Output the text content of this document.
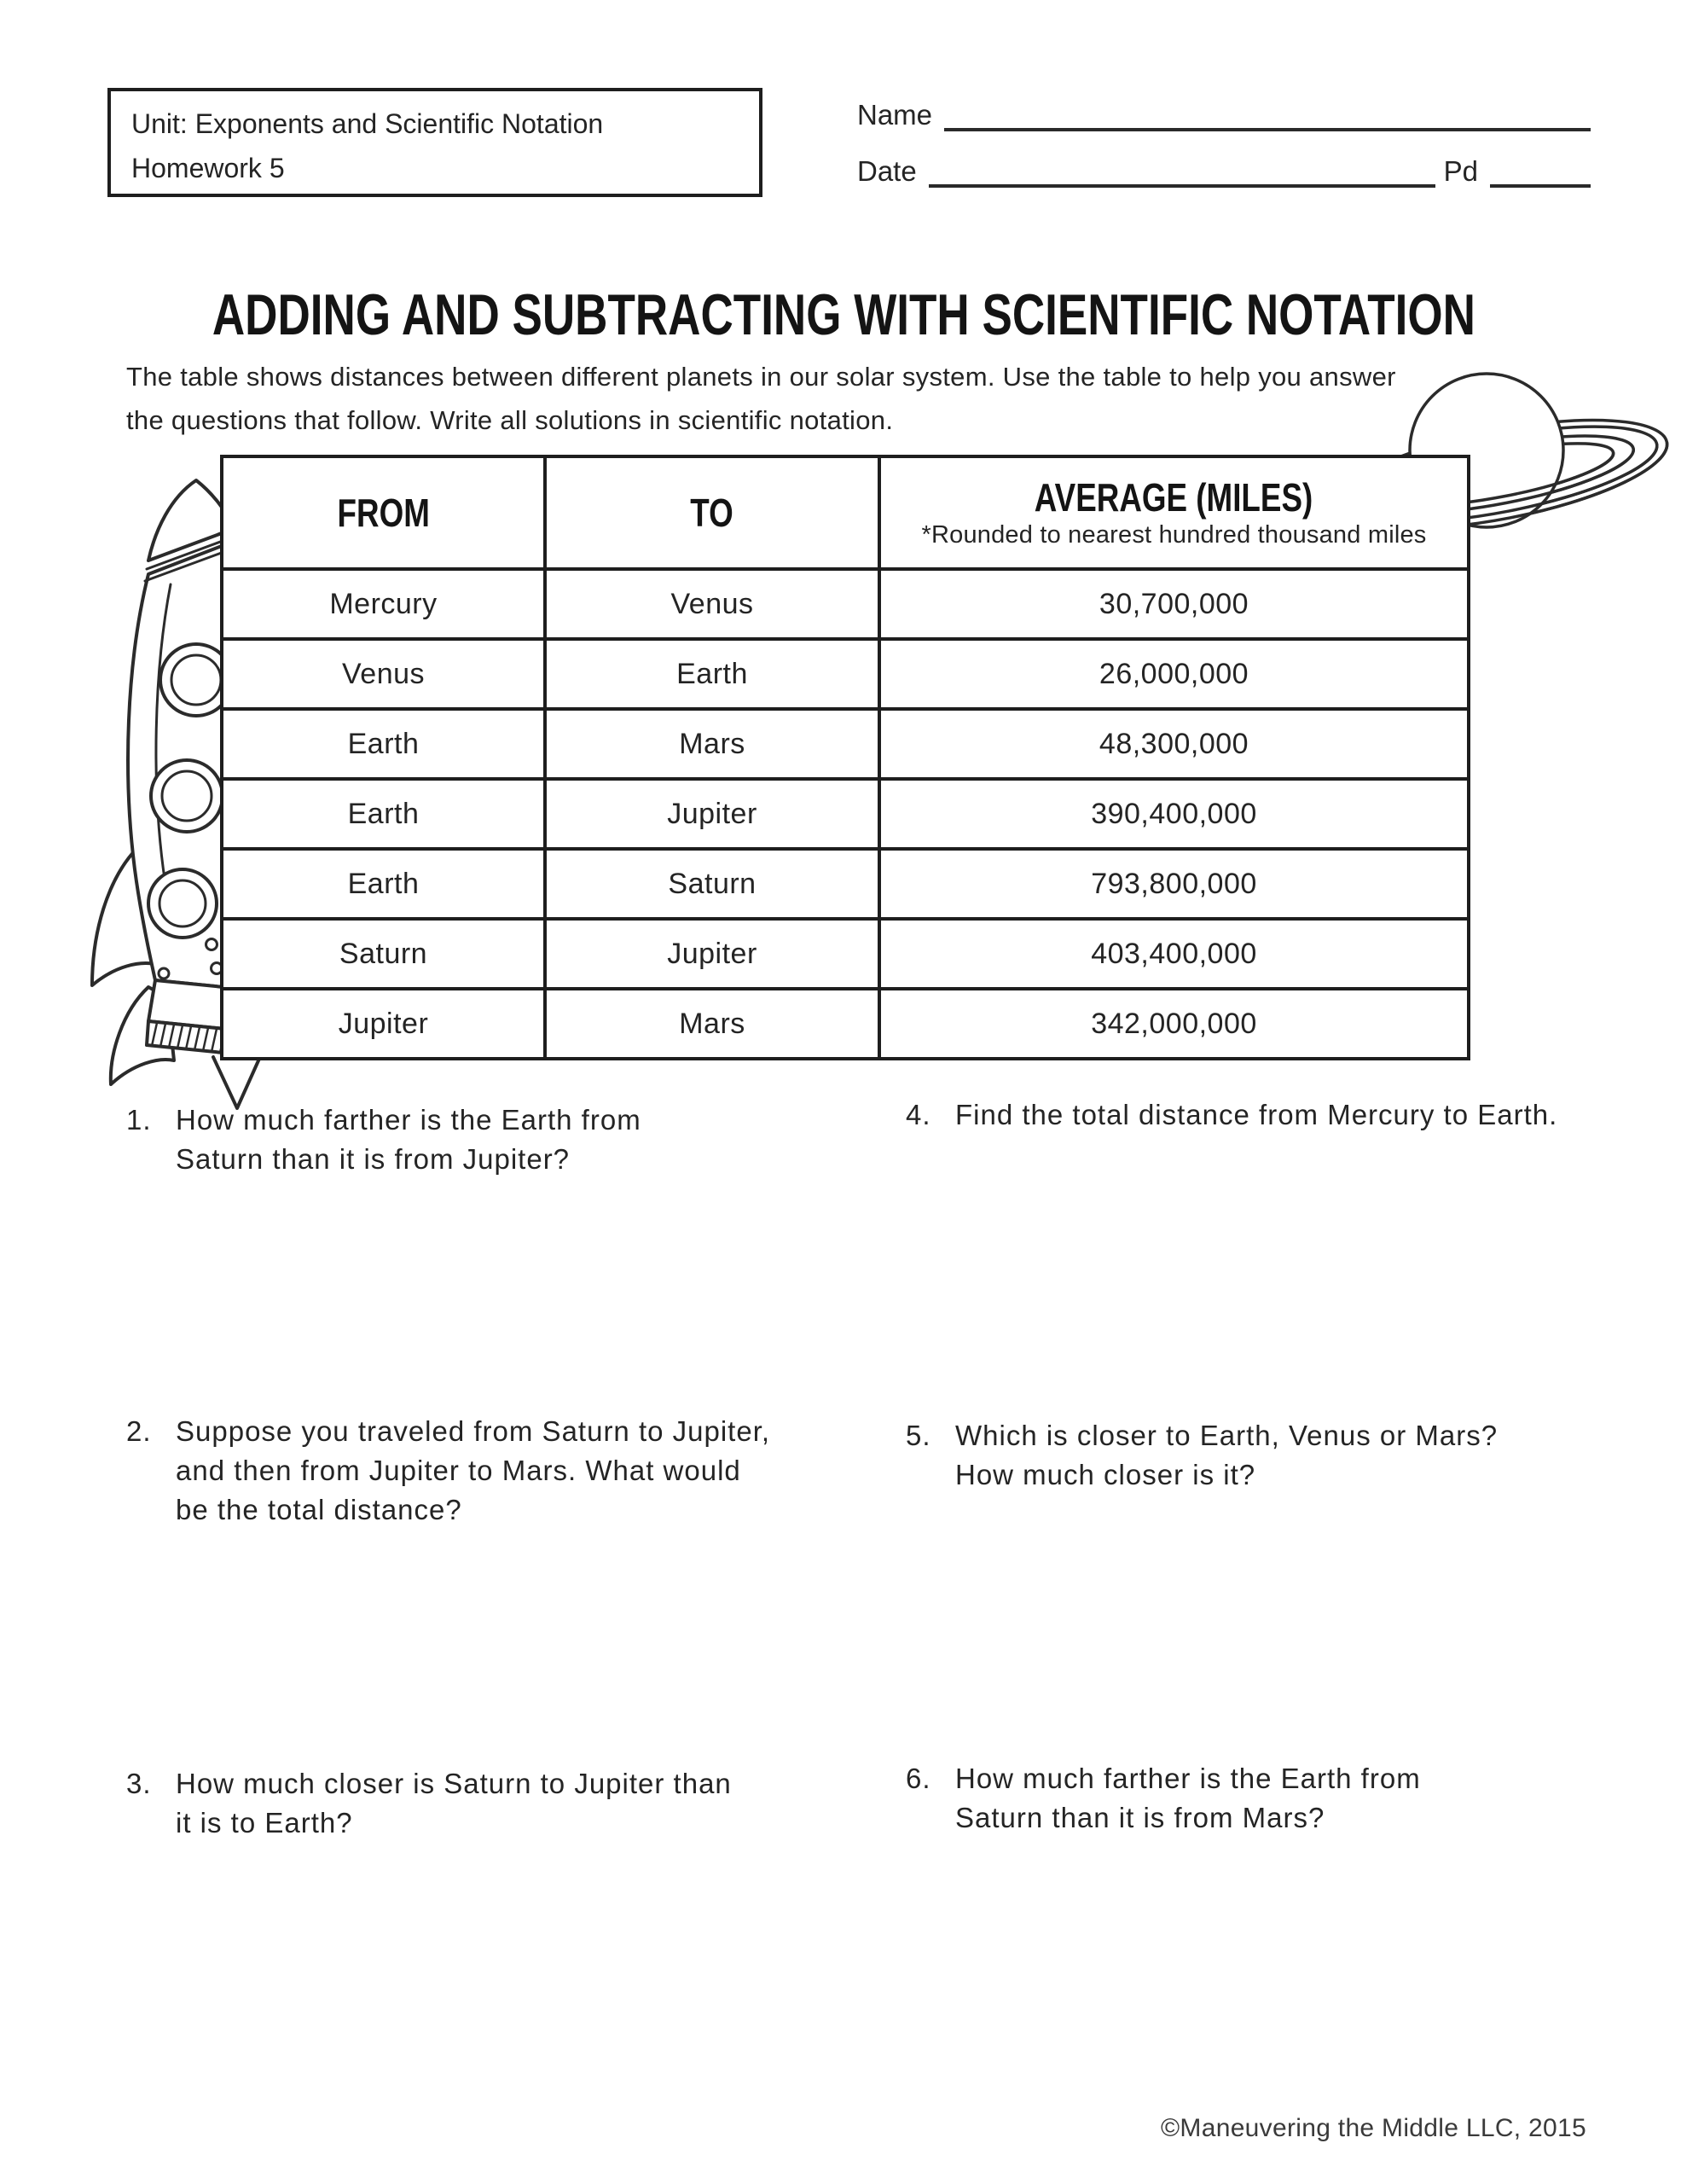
Unit: Exponents and Scientific Notation
Homework 5
Name
Date	Pd
ADDING AND SUBTRACTING WITH SCIENTIFIC NOTATION
The table shows distances between different planets in our solar system. Use the table to help you answer the questions that follow. Write all solutions in scientific notation.
FROM	TO	AVERAGE (MILES)
*Rounded to nearest hundred thousand miles

Mercury	Venus	30,700,000
Venus	Earth	26,000,000
Earth	Mars	48,300,000
Earth	Jupiter	390,400,000
Earth	Saturn	793,800,000
Saturn	Jupiter	403,400,000
Jupiter	Mars	342,000,000
1. How much farther is the Earth from Saturn than it is from Jupiter?
2. Suppose you traveled from Saturn to Jupiter, and then from Jupiter to Mars. What would be the total distance?
3. How much closer is Saturn to Jupiter than it is to Earth?
4. Find the total distance from Mercury to Earth.
5. Which is closer to Earth, Venus or Mars? How much closer is it?
6. How much farther is the Earth from Saturn than it is from Mars?
©Maneuvering the Middle LLC, 2015
